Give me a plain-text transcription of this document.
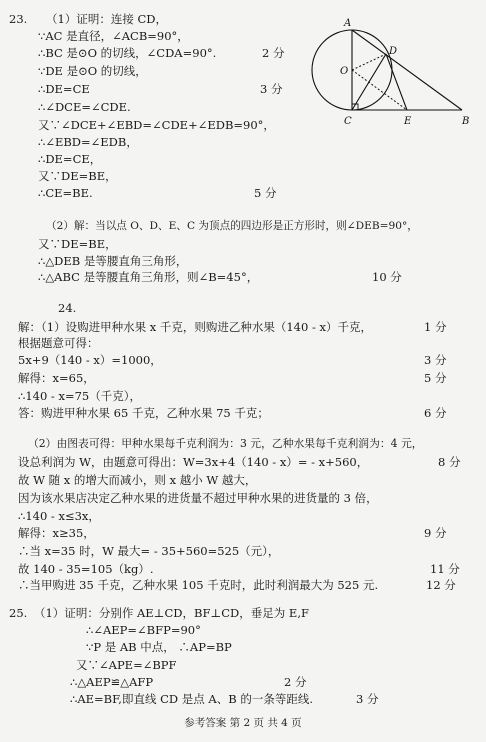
23. （1）证明：连接 CD，
∵AC 是直径，∠ACB=90°，
∴BC 是⊙O 的切线，∠CDA=90°.	2 分
∵DE 是⊙O 的切线，
∴DE=CE	3 分
∴∠DCE=∠CDE.
又∵∠DCE+∠EBD=∠CDE+∠EDB=90°，
∴∠EBD=∠EDB，
∴DE=CE，
又∵DE=BE，
∴CE=BE.	5 分
（2）解：当以点 O、D、E、C 为顶点的四边形是正方形时，则∠DEB=90°，
又∵DE=BE，
∴△DEB 是等腰直角三角形，
∴△ABC 是等腰直角三角形，则∠B=45°，	10 分
A
D
O
C	E	B
24.
解：（1）设购进甲种水果 x 千克，则购进乙种水果（140 - x）千克，	1 分
根据题意可得：
5x+9（140 - x）=1000，	3 分
解得：x=65，	5 分
∴140 - x=75（千克），
答：购进甲种水果 65 千克，乙种水果 75 千克；	6 分
（2）由图表可得：甲种水果每千克利润为：3 元，乙种水果每千克利润为：4 元，
设总利润为 W，由题意可得出：W=3x+4（140 - x）= - x+560，	8 分
故 W 随 x 的增大而减小，则 x 越小 W 越大，
因为该水果店决定乙种水果的进货量不超过甲种水果的进货量的 3 倍，
∴140 - x≤3x，
解得：x≥35，	9 分
∴当 x=35 时，W 最大= - 35+560=525（元），
故 140 - 35=105（kg）.	11 分
∴当甲购进 35 千克，乙种水果 105 千克时，此时利润最大为 525 元.	12 分
25. （1）证明：分别作 AE⊥CD，BF⊥CD，垂足为 E,F
∴∠AEP=∠BFP=90°
∵P 是 AB 中点， ∴AP=BP
又∵∠APE=∠BPF
∴△AEP≌△AFP	2 分
∴AE=BF,即直线 CD 是点 A、B 的一条等距线.	3 分
参考答案 第 2 页 共 4 页
